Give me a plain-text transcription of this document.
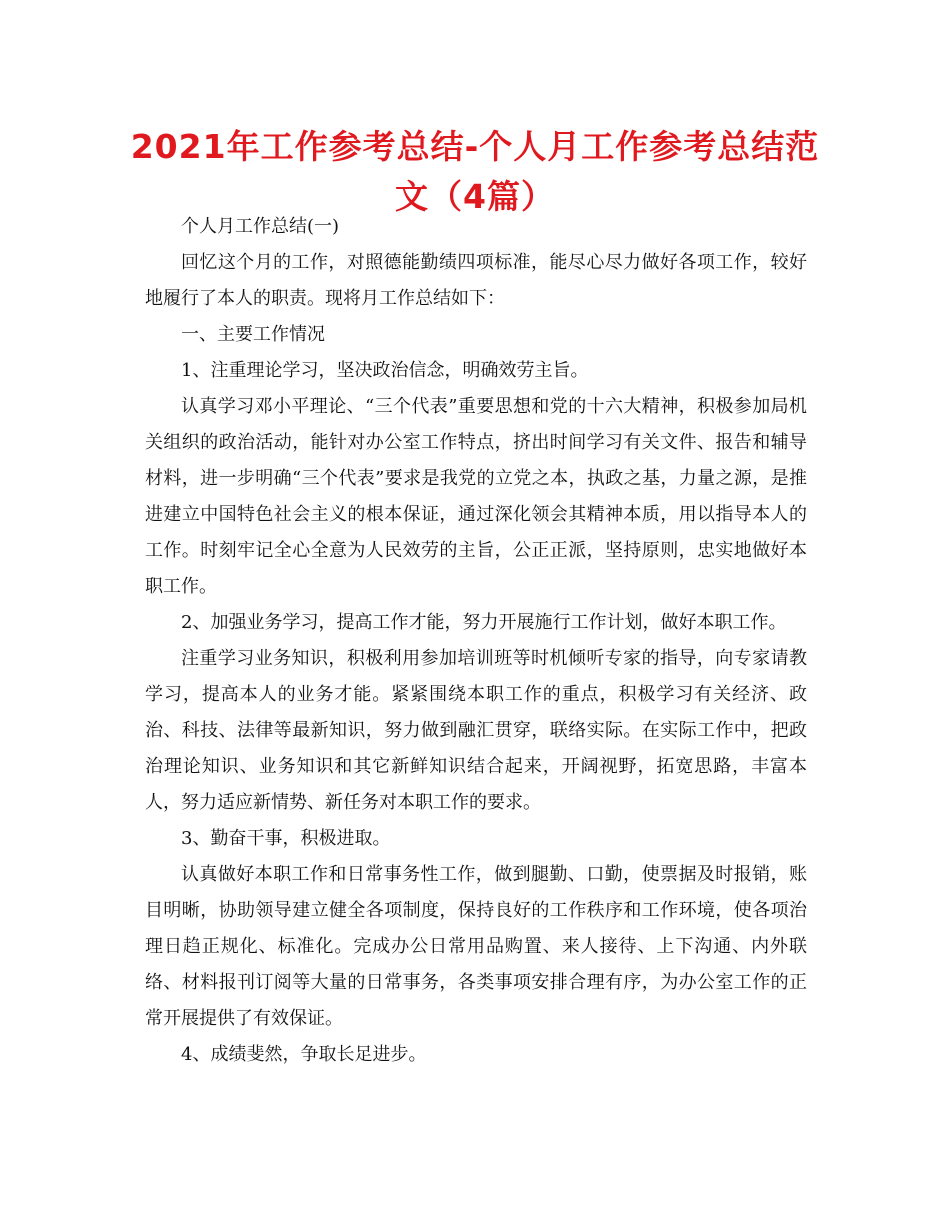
2021年工作参考总结-个人月工作参考总结范文（4篇）

个人月工作总结(一)

回忆这个月的工作，对照德能勤绩四项标准，能尽心尽力做好各项工作，较好地履行了本人的职责。现将月工作总结如下：

一、主要工作情况

1、注重理论学习，坚决政治信念，明确效劳主旨。

认真学习邓小平理论、“三个代表”重要思想和党的十六大精神，积极参加局机关组织的政治活动，能针对办公室工作特点，挤出时间学习有关文件、报告和辅导材料，进一步明确“三个代表”要求是我党的立党之本，执政之基，力量之源，是推进建立中国特色社会主义的根本保证，通过深化领会其精神本质，用以指导本人的工作。时刻牢记全心全意为人民效劳的主旨，公正正派，坚持原则，忠实地做好本职工作。

2、加强业务学习，提高工作才能，努力开展施行工作计划，做好本职工作。

注重学习业务知识，积极利用参加培训班等时机倾听专家的指导，向专家请教学习，提高本人的业务才能。紧紧围绕本职工作的重点，积极学习有关经济、政治、科技、法律等最新知识，努力做到融汇贯穿，联络实际。在实际工作中，把政治理论知识、业务知识和其它新鲜知识结合起来，开阔视野，拓宽思路，丰富本人，努力适应新情势、新任务对本职工作的要求。

3、勤奋干事，积极进取。

认真做好本职工作和日常事务性工作，做到腿勤、口勤，使票据及时报销，账目明晰，协助领导建立健全各项制度，保持良好的工作秩序和工作环境，使各项治理日趋正规化、标准化。完成办公日常用品购置、来人接待、上下沟通、内外联络、材料报刊订阅等大量的日常事务，各类事项安排合理有序，为办公室工作的正常开展提供了有效保证。

4、成绩斐然，争取长足进步。
